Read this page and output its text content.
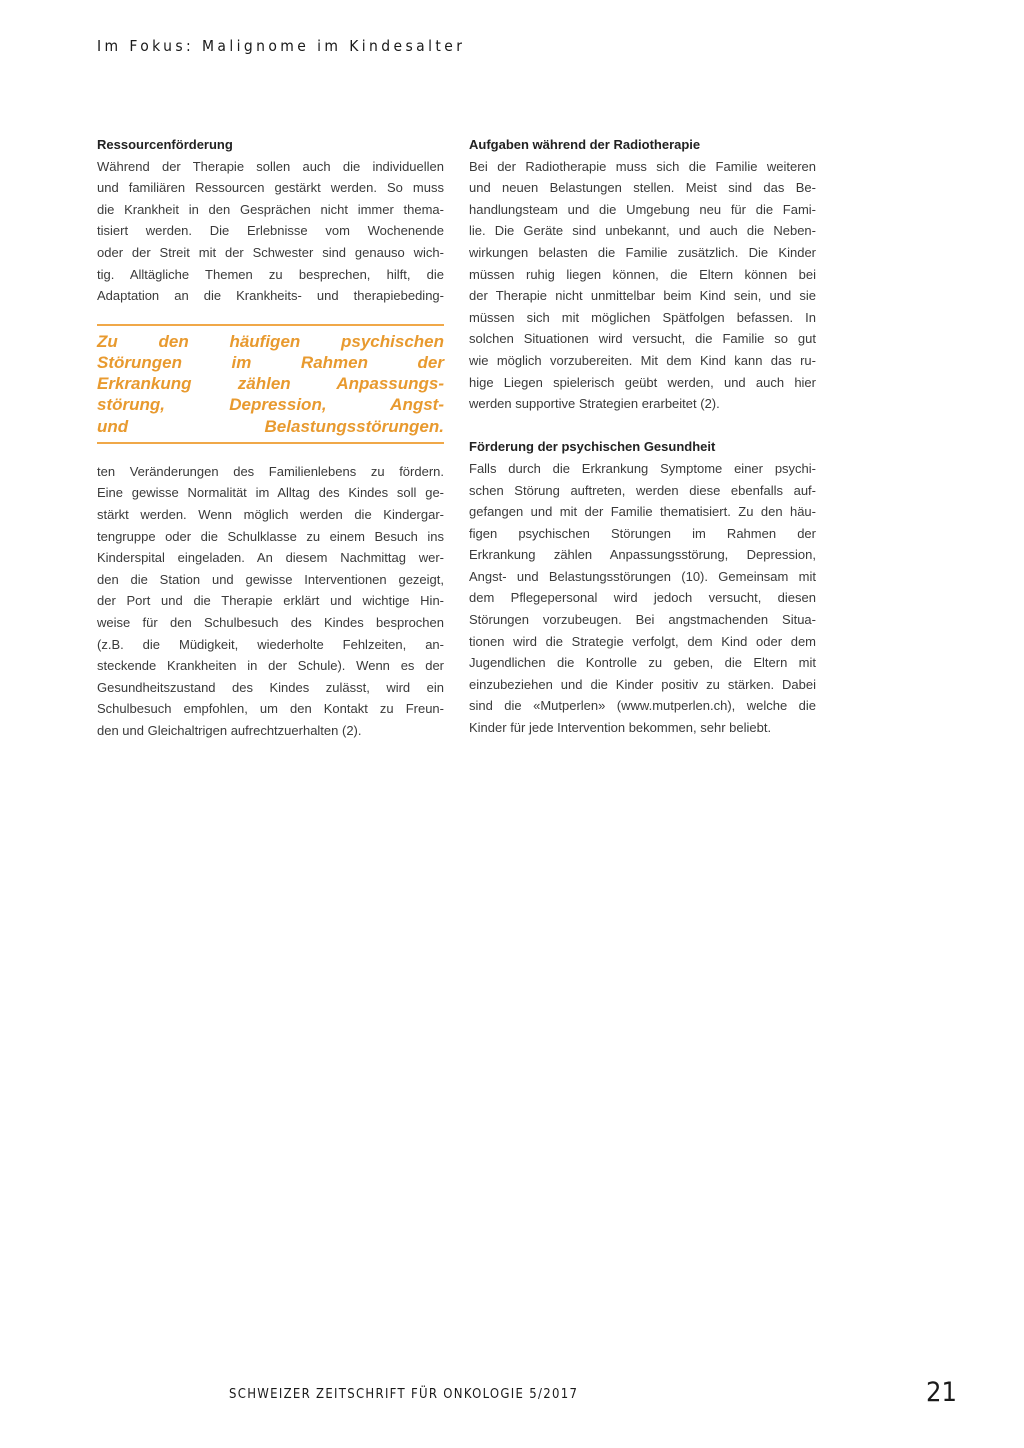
Im Fokus: Malignome im Kindesalter
Ressourcenförderung

Während der Therapie sollen auch die individuellen

und familiären Ressourcen gestärkt werden. So muss

die Krankheit in den Gesprächen nicht immer thema-

tisiert werden. Die Erlebnisse vom Wochenende

oder der Streit mit der Schwester sind genauso wich-

tig. Alltägliche Themen zu besprechen, hilft, die

Adaptation an die Krankheits- und therapiebeding-

Zu den häufigen psychischen

Störungen im Rahmen der

Erkrankung zählen Anpassungs-

störung, Depression, Angst-

und Belastungsstörungen.

ten Veränderungen des Familienlebens zu fördern.

Eine gewisse Normalität im Alltag des Kindes soll ge-

stärkt werden. Wenn möglich werden die Kindergar-

tengruppe oder die Schulklasse zu einem Besuch ins

Kinderspital eingeladen. An diesem Nachmittag wer-

den die Station und gewisse Interventionen gezeigt,

der Port und die Therapie erklärt und wichtige Hin-

weise für den Schulbesuch des Kindes besprochen

(z.B. die Müdigkeit, wiederholte Fehlzeiten, an-

steckende Krankheiten in der Schule). Wenn es der

Gesundheitszustand des Kindes zulässt, wird ein

Schulbesuch empfohlen, um den Kontakt zu Freun-

den und Gleichaltrigen aufrechtzuerhalten (2).

Aufgaben während der Radiotherapie

Bei der Radiotherapie muss sich die Familie weiteren

und neuen Belastungen stellen. Meist sind das Be-

handlungsteam und die Umgebung neu für die Fami-

lie. Die Geräte sind unbekannt, und auch die Neben-

wirkungen belasten die Familie zusätzlich. Die Kinder

müssen ruhig liegen können, die Eltern können bei

der Therapie nicht unmittelbar beim Kind sein, und sie

müssen sich mit möglichen Spätfolgen befassen. In

solchen Situationen wird versucht, die Familie so gut

wie möglich vorzubereiten. Mit dem Kind kann das ru-

hige Liegen spielerisch geübt werden, und auch hier

werden supportive Strategien erarbeitet (2).

Förderung der psychischen Gesundheit

Falls durch die Erkrankung Symptome einer psychi-

schen Störung auftreten, werden diese ebenfalls auf-

gefangen und mit der Familie thematisiert. Zu den häu-

figen psychischen Störungen im Rahmen der

Erkrankung zählen Anpassungsstörung, Depression,

Angst- und Belastungsstörungen (10). Gemeinsam mit

dem Pflegepersonal wird jedoch versucht, diesen

Störungen vorzubeugen. Bei angstmachenden Situa-

tionen wird die Strategie verfolgt, dem Kind oder dem

Jugendlichen die Kontrolle zu geben, die Eltern mit

einzubeziehen und die Kinder positiv zu stärken. Dabei

sind die «Mutperlen» (www.mutperlen.ch), welche die

Kinder für jede Intervention bekommen, sehr beliebt.

SCHWEIZER ZEITSCHRIFT FÜR ONKOLOGIE 5/2017	21
